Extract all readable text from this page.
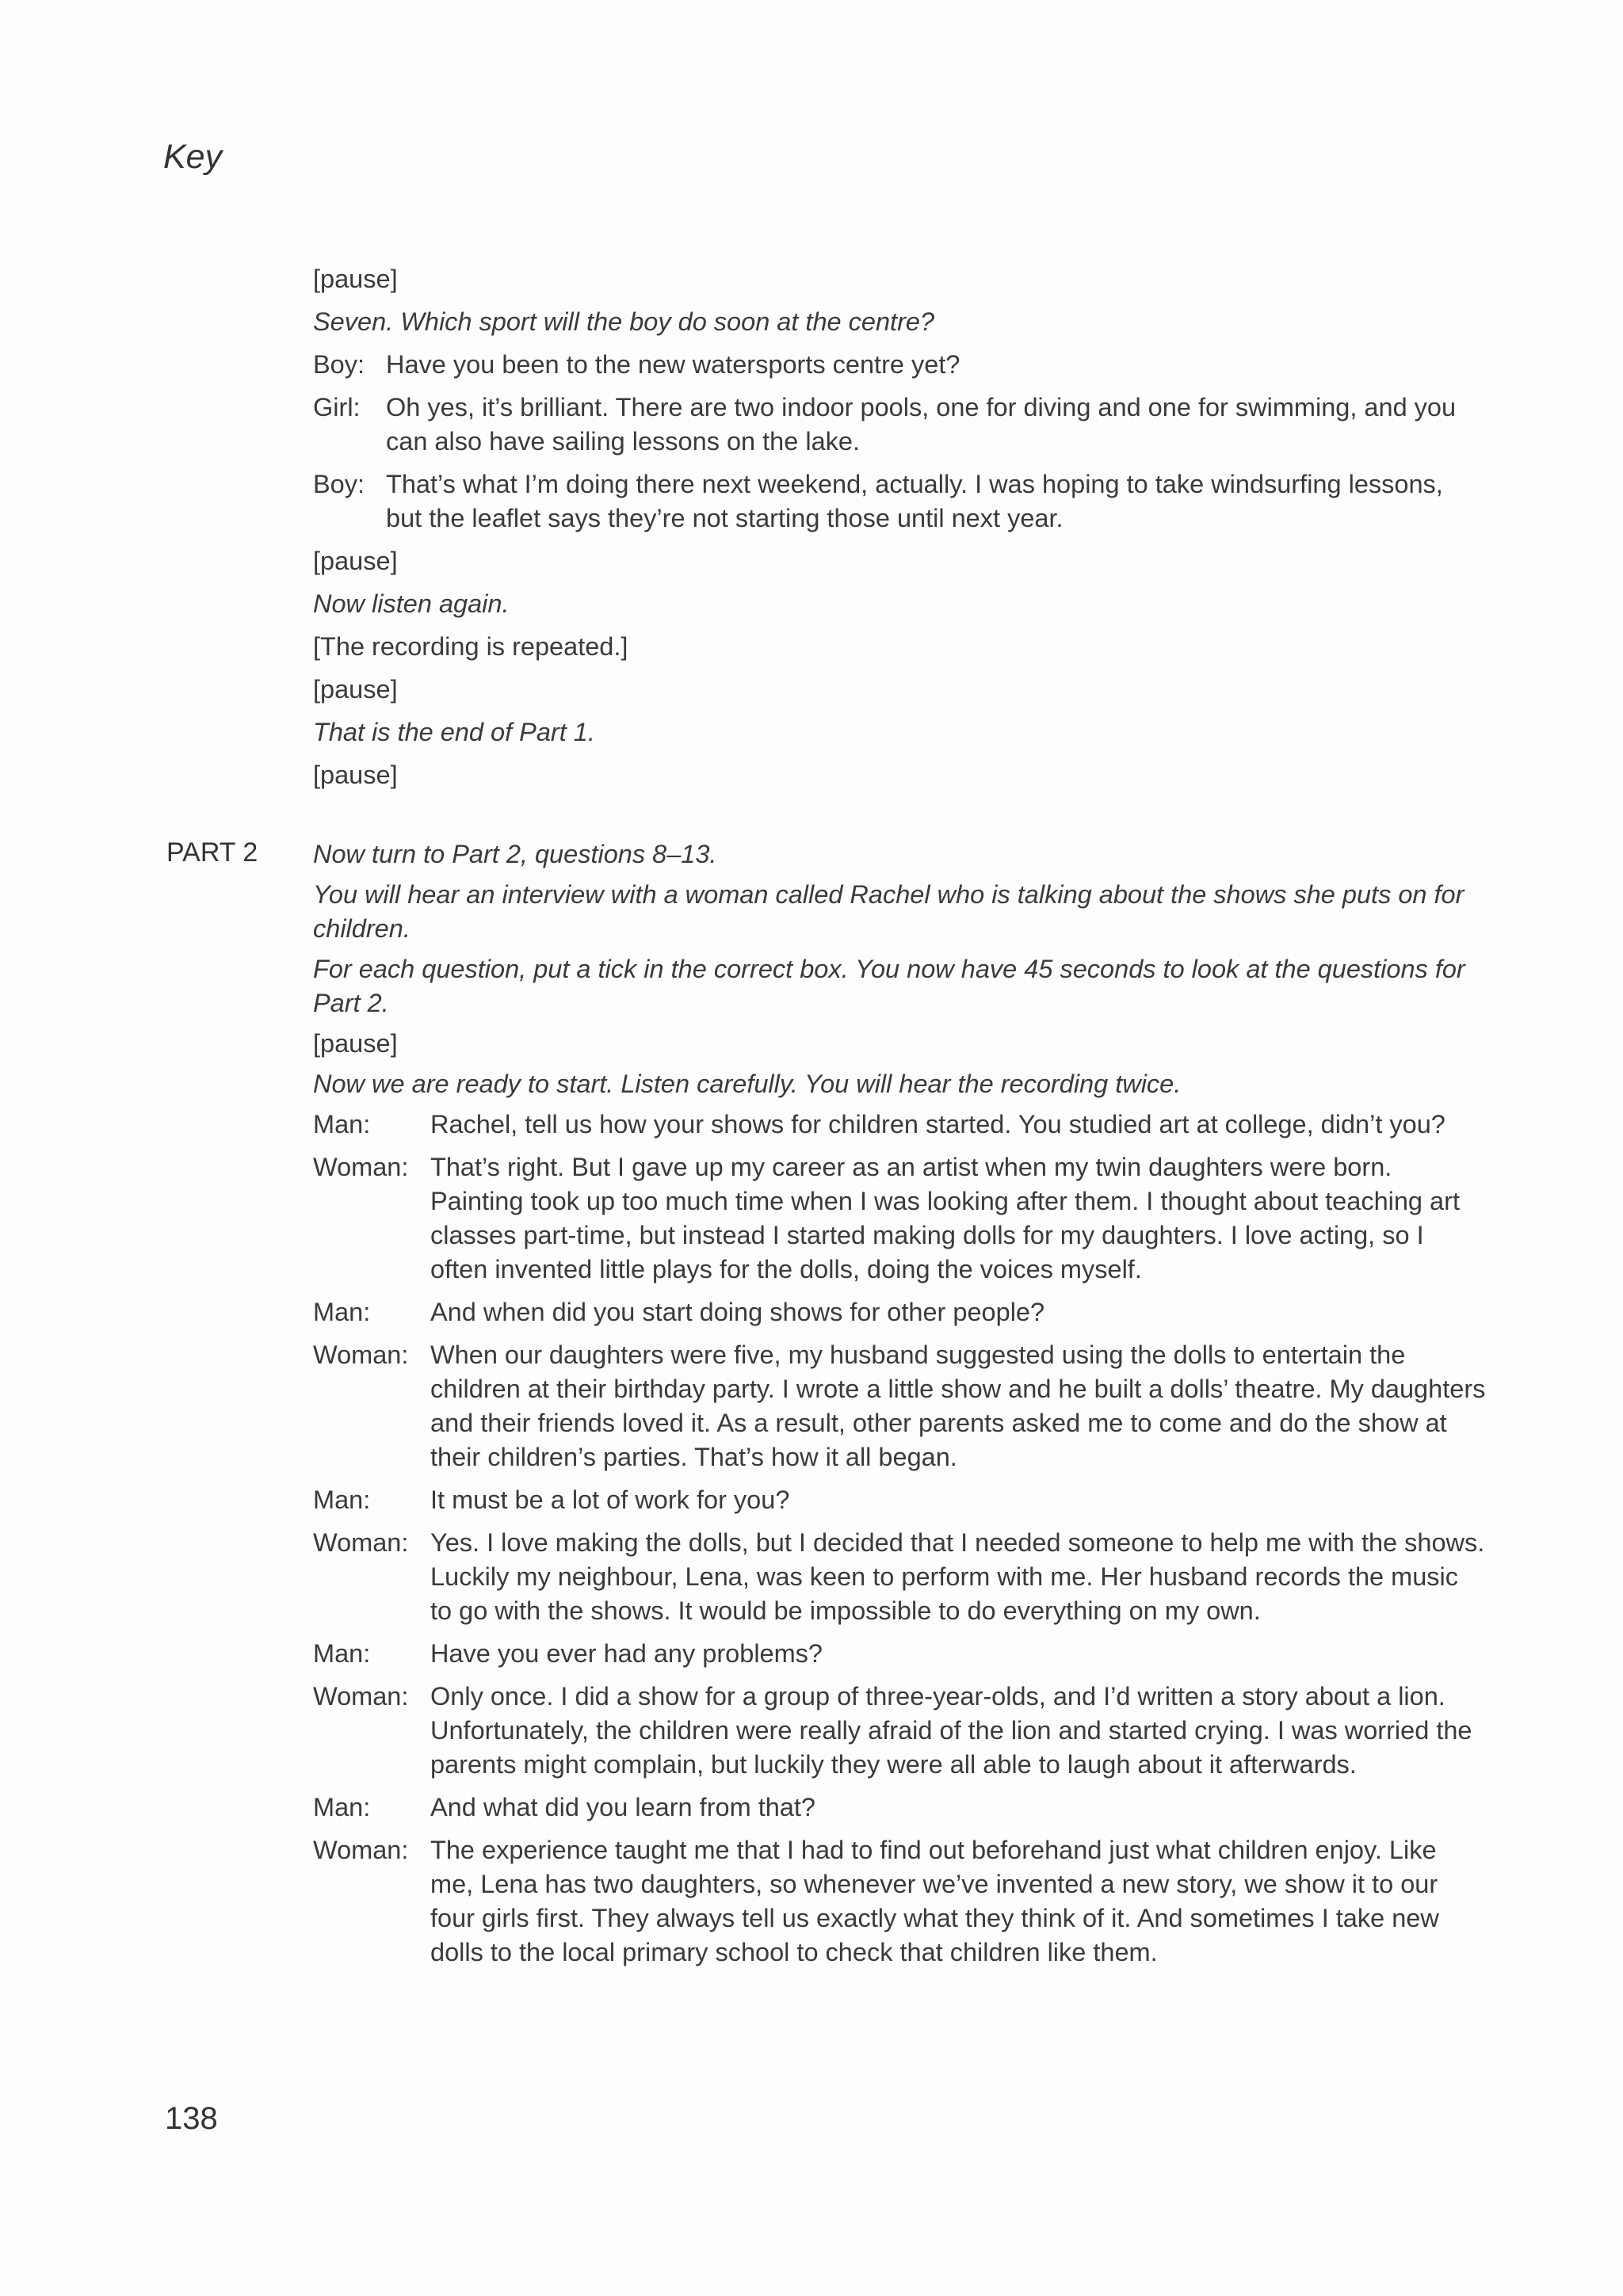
Key

[pause]

Seven. Which sport will the boy do soon at the centre?

Boy: Have you been to the new watersports centre yet?
Girl: Oh yes, it’s brilliant. There are two indoor pools, one for diving and one for swimming, and you can also have sailing lessons on the lake.
Boy: That’s what I’m doing there next weekend, actually. I was hoping to take windsurfing lessons, but the leaflet says they’re not starting those until next year.

[pause]

Now listen again.

[The recording is repeated.]

[pause]

That is the end of Part 1.

[pause]

PART 2 Now turn to Part 2, questions 8–13.

You will hear an interview with a woman called Rachel who is talking about the shows she puts on for children.

For each question, put a tick in the correct box. You now have 45 seconds to look at the questions for Part 2.

[pause]

Now we are ready to start. Listen carefully. You will hear the recording twice.

Man:	Rachel, tell us how your shows for children started. You studied art at college, didn’t you?
Woman: That’s right. But I gave up my career as an artist when my twin daughters were born. Painting took up too much time when I was looking after them. I thought about teaching art classes part-time, but instead I started making dolls for my daughters. I love acting, so I often invented little plays for the dolls, doing the voices myself.
Man:	And when did you start doing shows for other people?
Woman: When our daughters were five, my husband suggested using the dolls to entertain the children at their birthday party. I wrote a little show and he built a dolls’ theatre. My daughters and their friends loved it. As a result, other parents asked me to come and do the show at their children’s parties. That’s how it all began.
Man:	It must be a lot of work for you?
Woman: Yes. I love making the dolls, but I decided that I needed someone to help me with the shows. Luckily my neighbour, Lena, was keen to perform with me. Her husband records the music to go with the shows. It would be impossible to do everything on my own.
Man:	Have you ever had any problems?
Woman: Only once. I did a show for a group of three-year-olds, and I’d written a story about a lion. Unfortunately, the children were really afraid of the lion and started crying. I was worried the parents might complain, but luckily they were all able to laugh about it afterwards.
Man:	And what did you learn from that?
Woman: The experience taught me that I had to find out beforehand just what children enjoy. Like me, Lena has two daughters, so whenever we’ve invented a new story, we show it to our four girls first. They always tell us exactly what they think of it. And sometimes I take new dolls to the local primary school to check that children like them.
138
